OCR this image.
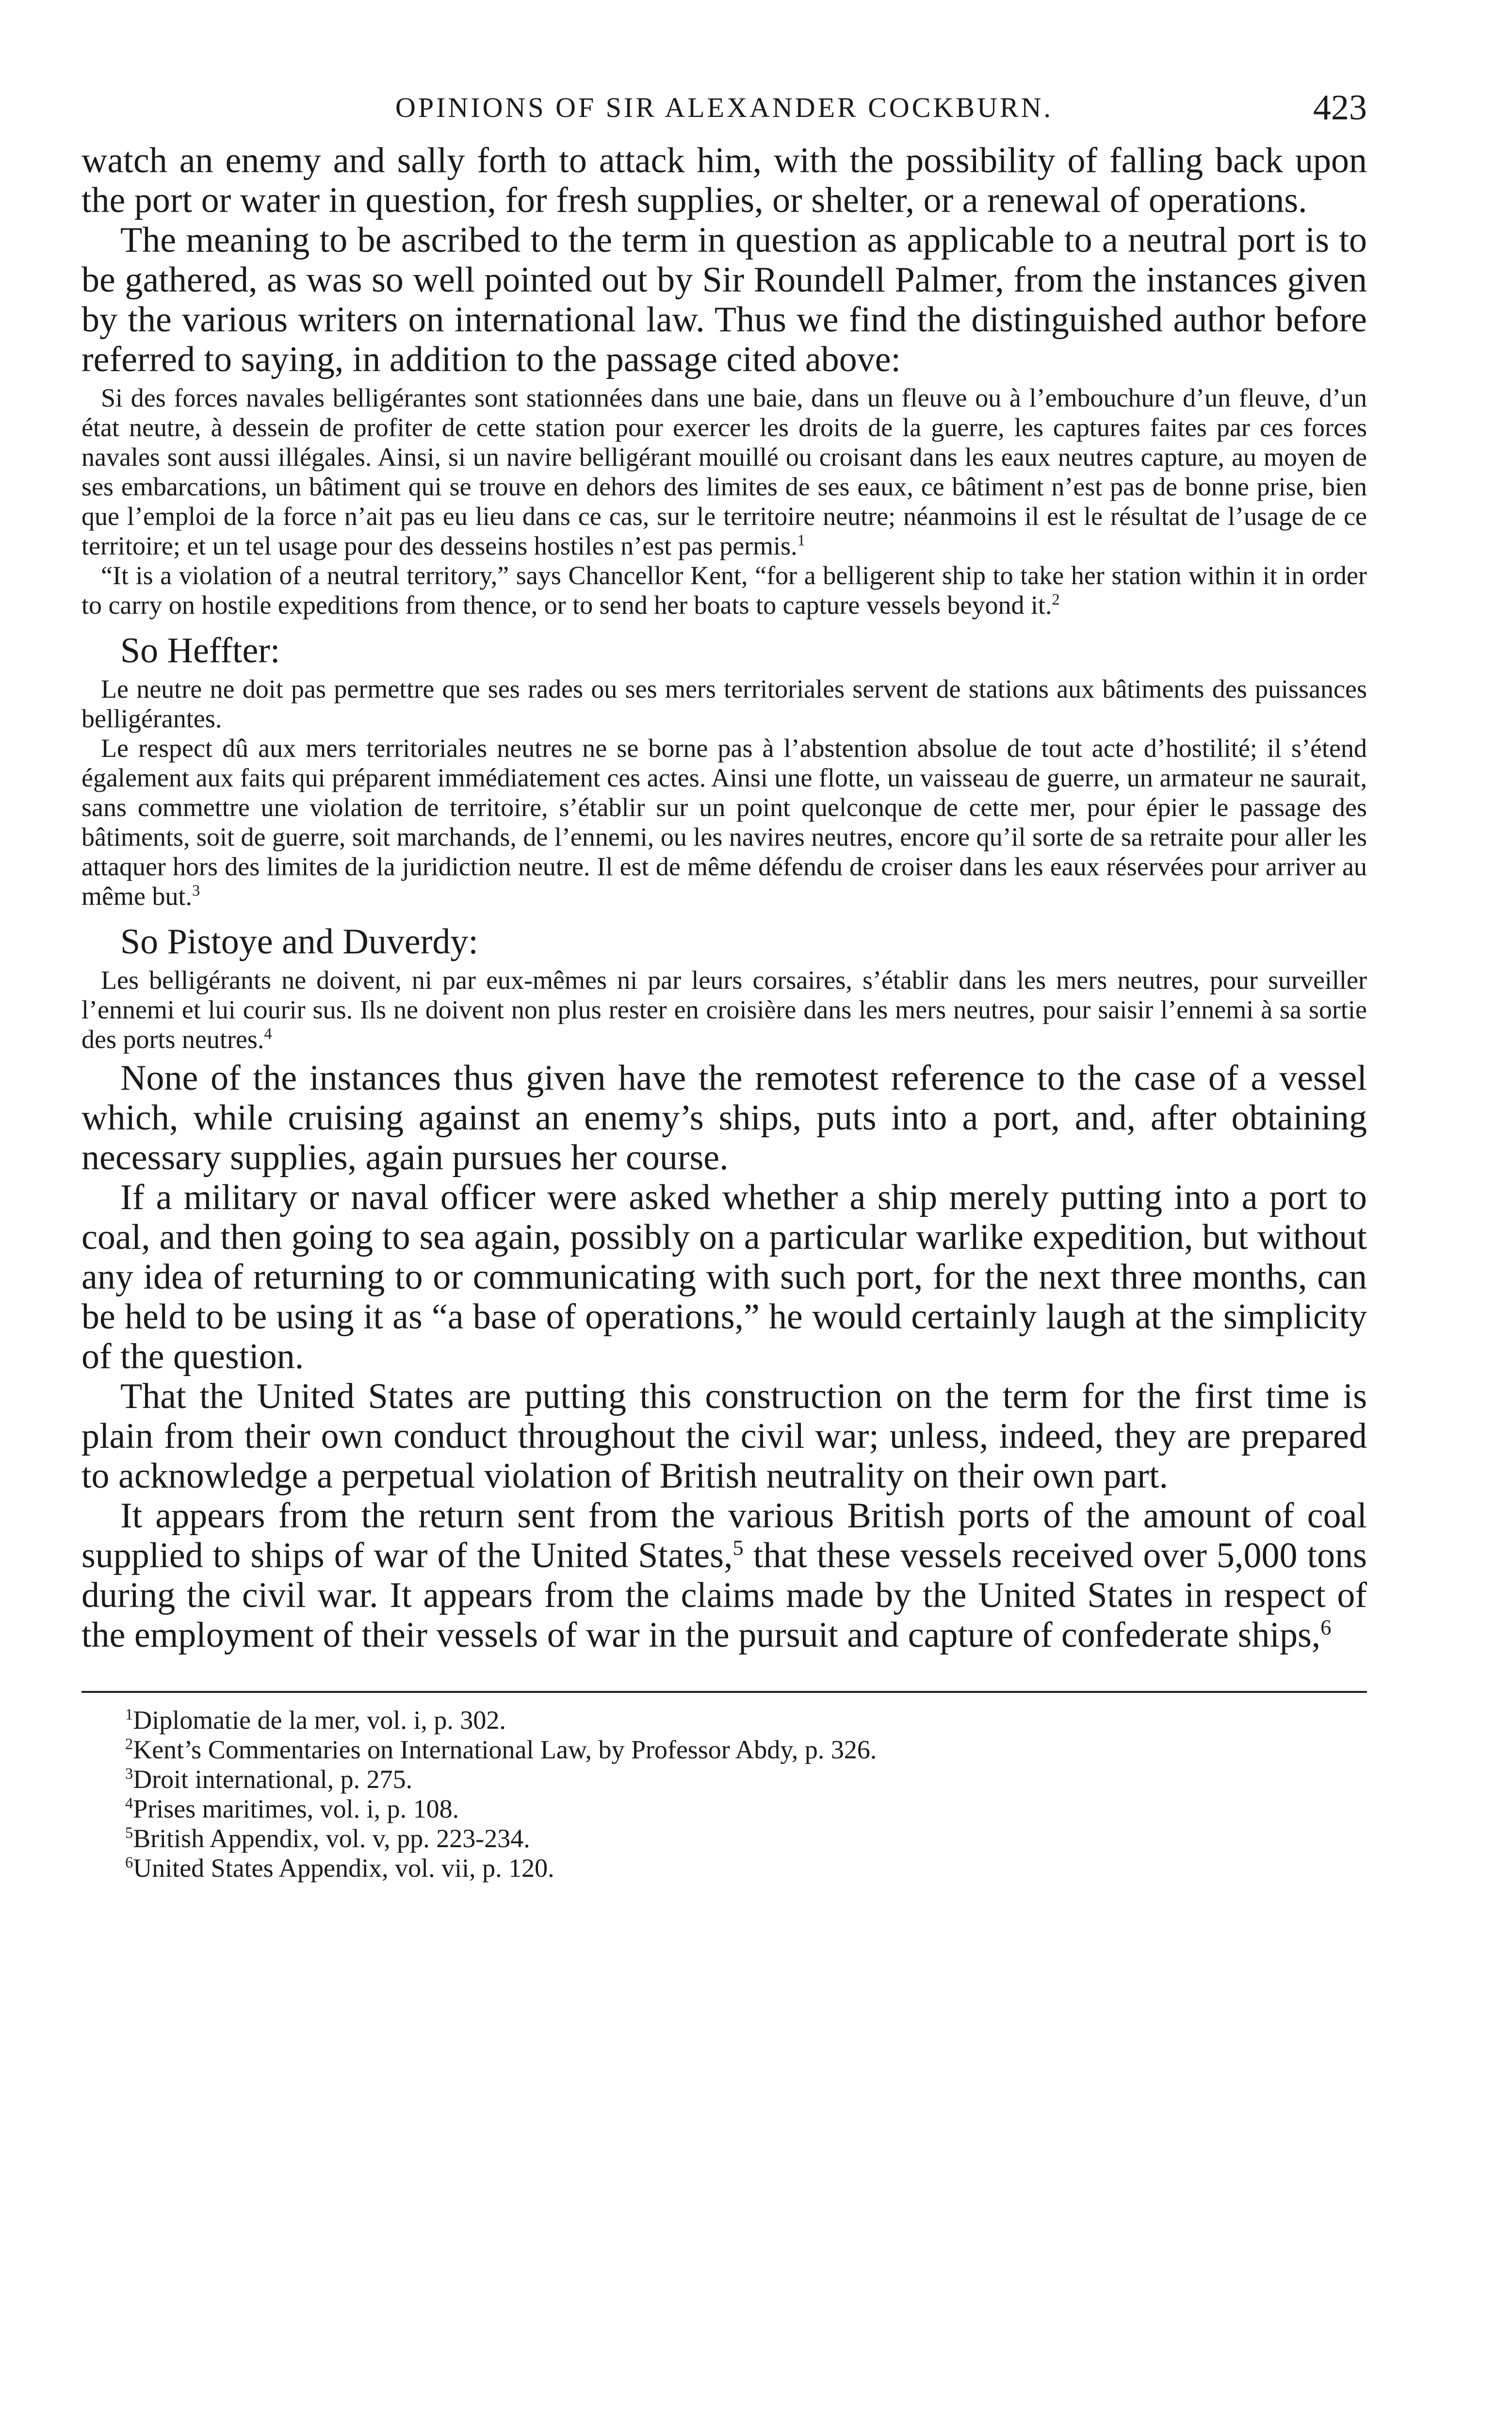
OPINIONS OF SIR ALEXANDER COCKBURN.	423

watch an enemy and sally forth to attack him, with the possibility of falling back upon the port or water in question, for fresh supplies, or shelter, or a renewal of operations.

The meaning to be ascribed to the term in question as applicable to a neutral port is to be gathered, as was so well pointed out by Sir Roundell Palmer, from the instances given by the various writers on international law. Thus we find the distinguished author before referred to saying, in addition to the passage cited above:

Si des forces navales belligérantes sont stationnées dans une baie, dans un fleuve ou à l’embouchure d’un fleuve, d’un état neutre, à dessein de profiter de cette station pour exercer les droits de la guerre, les captures faites par ces forces navales sont aussi illégales. Ainsi, si un navire belligérant mouillé ou croisant dans les eaux neutres capture, au moyen de ses embarcations, un bâtiment qui se trouve en dehors des limites de ses eaux, ce bâtiment n’est pas de bonne prise, bien que l’emploi de la force n’ait pas eu lieu dans ce cas, sur le territoire neutre; néanmoins il est le résultat de l’usage de ce territoire; et un tel usage pour des desseins hostiles n’est pas permis.$^1$

“It is a violation of a neutral territory,” says Chancellor Kent, “for a belligerent ship to take her station within it in order to carry on hostile expeditions from thence, or to send her boats to capture vessels beyond it.$^2$

So Heffter:

Le neutre ne doit pas permettre que ses rades ou ses mers territoriales servent de stations aux bâtiments des puissances belligérantes.

Le respect dû aux mers territoriales neutres ne se borne pas à l’abstention absolue de tout acte d’hostilité; il s’étend également aux faits qui préparent immédiatement ces actes. Ainsi une flotte, un vaisseau de guerre, un armateur ne saurait, sans commettre une violation de territoire, s’établir sur un point quelconque de cette mer, pour épier le passage des bâtiments, soit de guerre, soit marchands, de l’ennemi, ou les navires neutres, encore qu’il sorte de sa retraite pour aller les attaquer hors des limites de la juridiction neutre. Il est de même défendu de croiser dans les eaux réservées pour arriver au même but.$^3$

So Pistoye and Duverdy:

Les belligérants ne doivent, ni par eux-mêmes ni par leurs corsaires, s’établir dans les mers neutres, pour surveiller l’ennemi et lui courir sus. Ils ne doivent non plus rester en croisière dans les mers neutres, pour saisir l’ennemi à sa sortie des ports neutres.$^4$

None of the instances thus given have the remotest reference to the case of a vessel which, while cruising against an enemy’s ships, puts into a port, and, after obtaining necessary supplies, again pursues her course.

If a military or naval officer were asked whether a ship merely putting into a port to coal, and then going to sea again, possibly on a particular warlike expedition, but without any idea of returning to or communicating with such port, for the next three months, can be held to be using it as “a base of operations,” he would certainly laugh at the simplicity of the question.

That the United States are putting this construction on the term for the first time is plain from their own conduct throughout the civil war; unless, indeed, they are prepared to acknowledge a perpetual violation of British neutrality on their own part.

It appears from the return sent from the various British ports of the amount of coal supplied to ships of war of the United States,$^5$ that these vessels received over 5,000 tons during the civil war. It appears from the claims made by the United States in respect of the employment of their vessels of war in the pursuit and capture of confederate ships,$^6$

$^1$Diplomatie de la mer, vol. i, p. 302.
$^2$Kent’s Commentaries on International Law, by Professor Abdy, p. 326.
$^3$Droit international, p. 275.
$^4$Prises maritimes, vol. i, p. 108.
$^5$British Appendix, vol. v, pp. 223-234.
$^6$United States Appendix, vol. vii, p. 120.
